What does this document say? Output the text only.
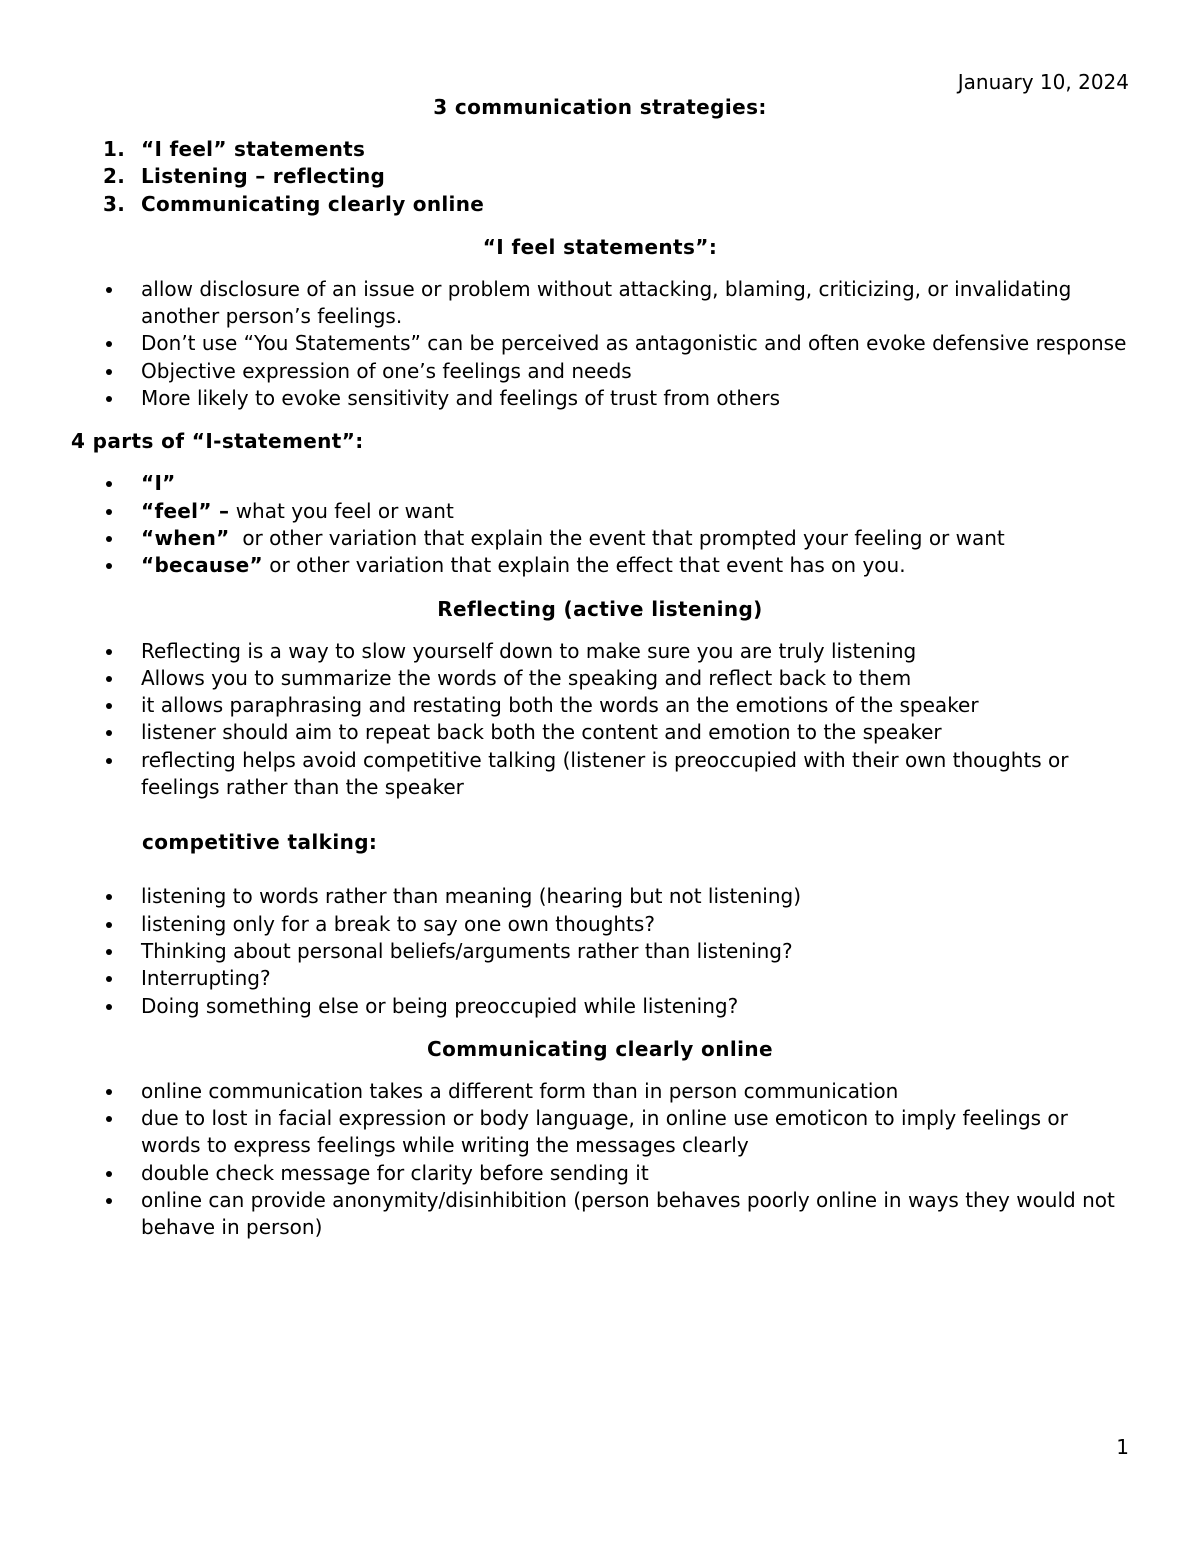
January 10, 2024
3 communication strategies:
1. “I feel” statements
2. Listening – reflecting
3. Communicating clearly online
“I feel statements”:
allow disclosure of an issue or problem without attacking, blaming, criticizing, or invalidating another person’s feelings.
Don’t use “You Statements” can be perceived as antagonistic and often evoke defensive response
Objective expression of one’s feelings and needs
More likely to evoke sensitivity and feelings of trust from others
4 parts of “I-statement”:
“I”
“feel” – what you feel or want
“when”  or other variation that explain the event that prompted your feeling or want
“because” or other variation that explain the effect that event has on you.
Reflecting (active listening)
Reflecting is a way to slow yourself down to make sure you are truly listening
Allows you to summarize the words of the speaking and reflect back to them
it allows paraphrasing and restating both the words an the emotions of the speaker
listener should aim to repeat back both the content and emotion to the speaker
reflecting helps avoid competitive talking (listener is preoccupied with their own thoughts or feelings rather than the speaker
competitive talking:
listening to words rather than meaning (hearing but not listening)
listening only for a break to say one own thoughts?
Thinking about personal beliefs/arguments rather than listening?
Interrupting?
Doing something else or being preoccupied while listening?
Communicating clearly online
online communication takes a different form than in person communication
due to lost in facial expression or body language, in online use emoticon to imply feelings or words to express feelings while writing the messages clearly
double check message for clarity before sending it
online can provide anonymity/disinhibition (person behaves poorly online in ways they would not behave in person)
1
